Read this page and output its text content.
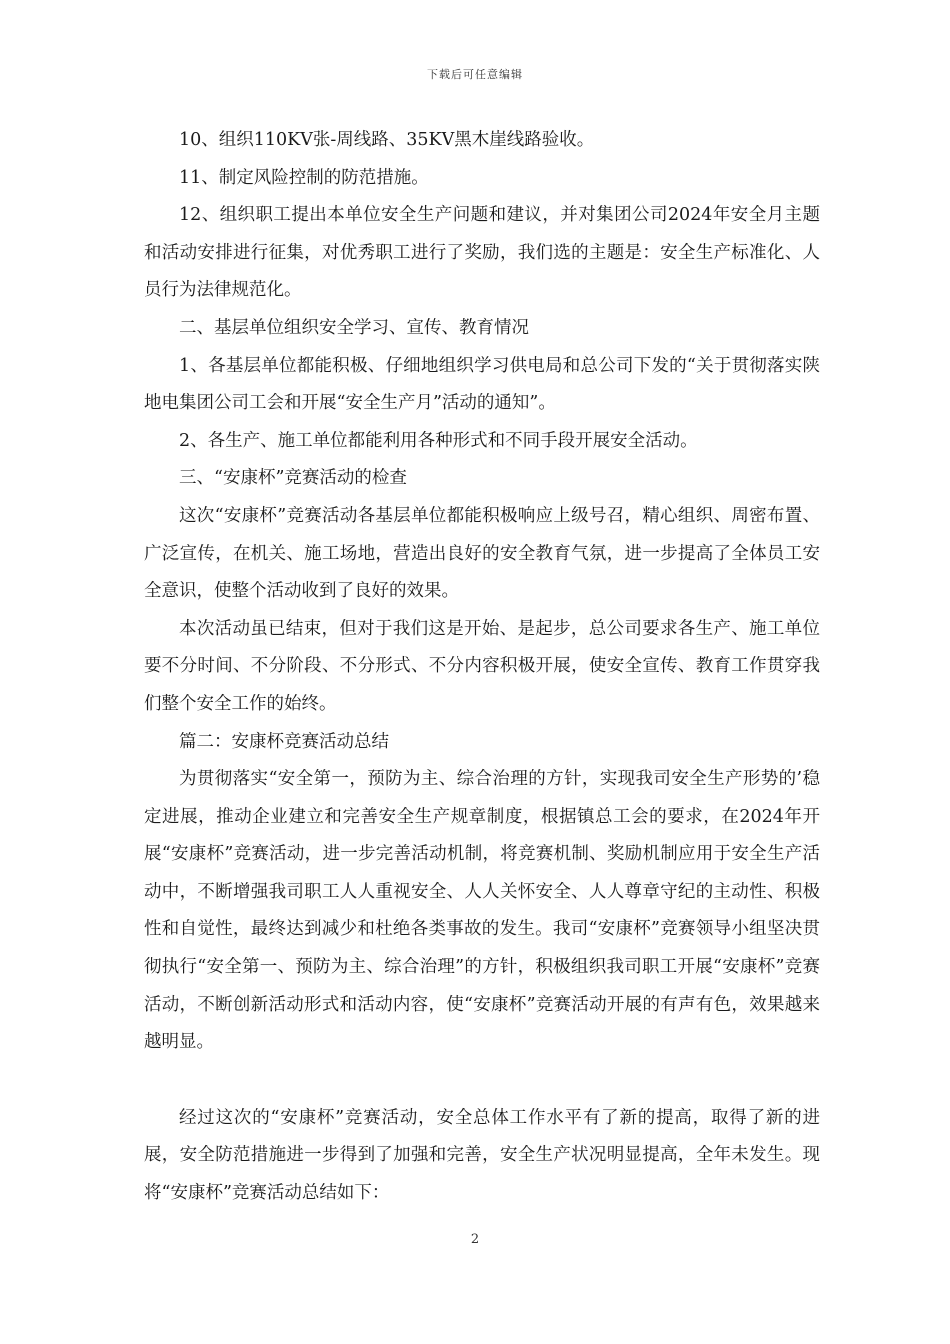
下载后可任意编辑

10、组织110KV张-周线路、35KV黑木崖线路验收。

11、制定风险控制的防范措施。

12、组织职工提出本单位安全生产问题和建议，并对集团公司2024年安全月主题和活动安排进行征集，对优秀职工进行了奖励，我们选的主题是：安全生产标准化、人员行为法律规范化。

二、基层单位组织安全学习、宣传、教育情况

1、各基层单位都能积极、仔细地组织学习供电局和总公司下发的“关于贯彻落实陕地电集团公司工会和开展“安全生产月”活动的通知”。

2、各生产、施工单位都能利用各种形式和不同手段开展安全活动。

三、“安康杯”竞赛活动的检查

这次“安康杯”竞赛活动各基层单位都能积极响应上级号召，精心组织、周密布置、广泛宣传，在机关、施工场地，营造出良好的安全教育气氛，进一步提高了全体员工安全意识，使整个活动收到了良好的效果。

本次活动虽已结束，但对于我们这是开始、是起步，总公司要求各生产、施工单位要不分时间、不分阶段、不分形式、不分内容积极开展，使安全宣传、教育工作贯穿我们整个安全工作的始终。

篇二：安康杯竞赛活动总结

为贯彻落实“安全第一，预防为主、综合治理的方针，实现我司安全生产形势的’稳定进展，推动企业建立和完善安全生产规章制度，根据镇总工会的要求，在2024年开展“安康杯”竞赛活动，进一步完善活动机制，将竞赛机制、奖励机制应用于安全生产活动中，不断增强我司职工人人重视安全、人人关怀安全、人人尊章守纪的主动性、积极性和自觉性，最终达到减少和杜绝各类事故的发生。我司“安康杯”竞赛领导小组坚决贯彻执行“安全第一、预防为主、综合治理”的方针，积极组织我司职工开展“安康杯”竞赛活动，不断创新活动形式和活动内容，使“安康杯”竞赛活动开展的有声有色，效果越来越明显。

经过这次的“安康杯”竞赛活动，安全总体工作水平有了新的提高，取得了新的进展，安全防范措施进一步得到了加强和完善，安全生产状况明显提高，全年未发生。现将“安康杯”竞赛活动总结如下：

2
